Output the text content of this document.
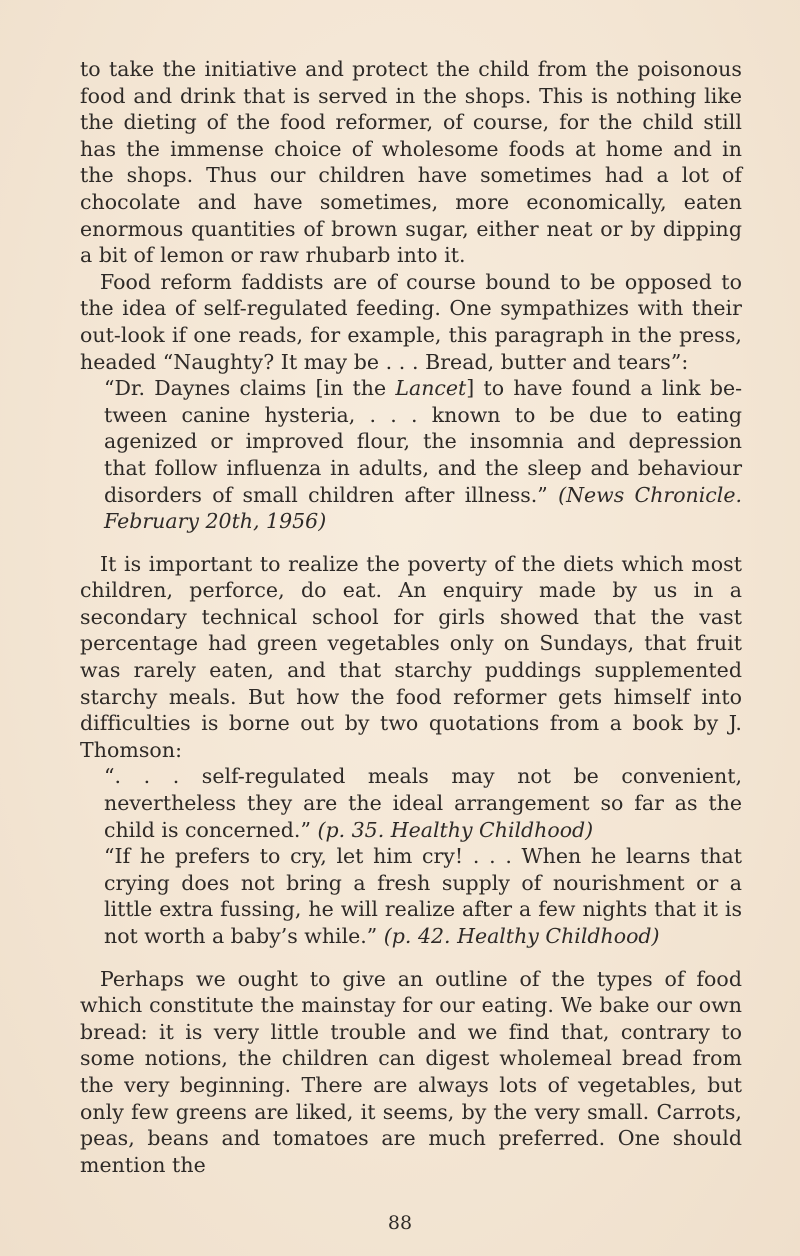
to take the initiative and protect the child from the poisonous food and drink that is served in the shops. This is nothing like the dieting of the food reformer, of course, for the child still has the immense choice of wholesome foods at home and in the shops. Thus our children have sometimes had a lot of chocolate and have sometimes, more economically, eaten enormous quantities of brown sugar, either neat or by dipping a bit of lemon or raw rhubarb into it.

Food reform faddists are of course bound to be opposed to the idea of self-regulated feeding. One sympathizes with their out-look if one reads, for example, this paragraph in the press, headed “Naughty? It may be . . . Bread, butter and tears”:

“Dr. Daynes claims [in the Lancet] to have found a link be-tween canine hysteria, . . . known to be due to eating agenized or improved flour, the insomnia and depression that follow influenza in adults, and the sleep and behaviour disorders of small children after illness.” (News Chronicle. February 20th, 1956)

It is important to realize the poverty of the diets which most children, perforce, do eat. An enquiry made by us in a secondary technical school for girls showed that the vast percentage had green vegetables only on Sundays, that fruit was rarely eaten, and that starchy puddings supplemented starchy meals. But how the food reformer gets himself into difficulties is borne out by two quotations from a book by J. Thomson:

“. . . self-regulated meals may not be convenient, nevertheless they are the ideal arrangement so far as the child is concerned.” (p. 35. Healthy Childhood)

“If he prefers to cry, let him cry! . . . When he learns that crying does not bring a fresh supply of nourishment or a little extra fussing, he will realize after a few nights that it is not worth a baby’s while.” (p. 42. Healthy Childhood)

Perhaps we ought to give an outline of the types of food which constitute the mainstay for our eating. We bake our own bread: it is very little trouble and we find that, contrary to some notions, the children can digest wholemeal bread from the very beginning. There are always lots of vegetables, but only few greens are liked, it seems, by the very small. Carrots, peas, beans and tomatoes are much preferred. One should mention the

88
